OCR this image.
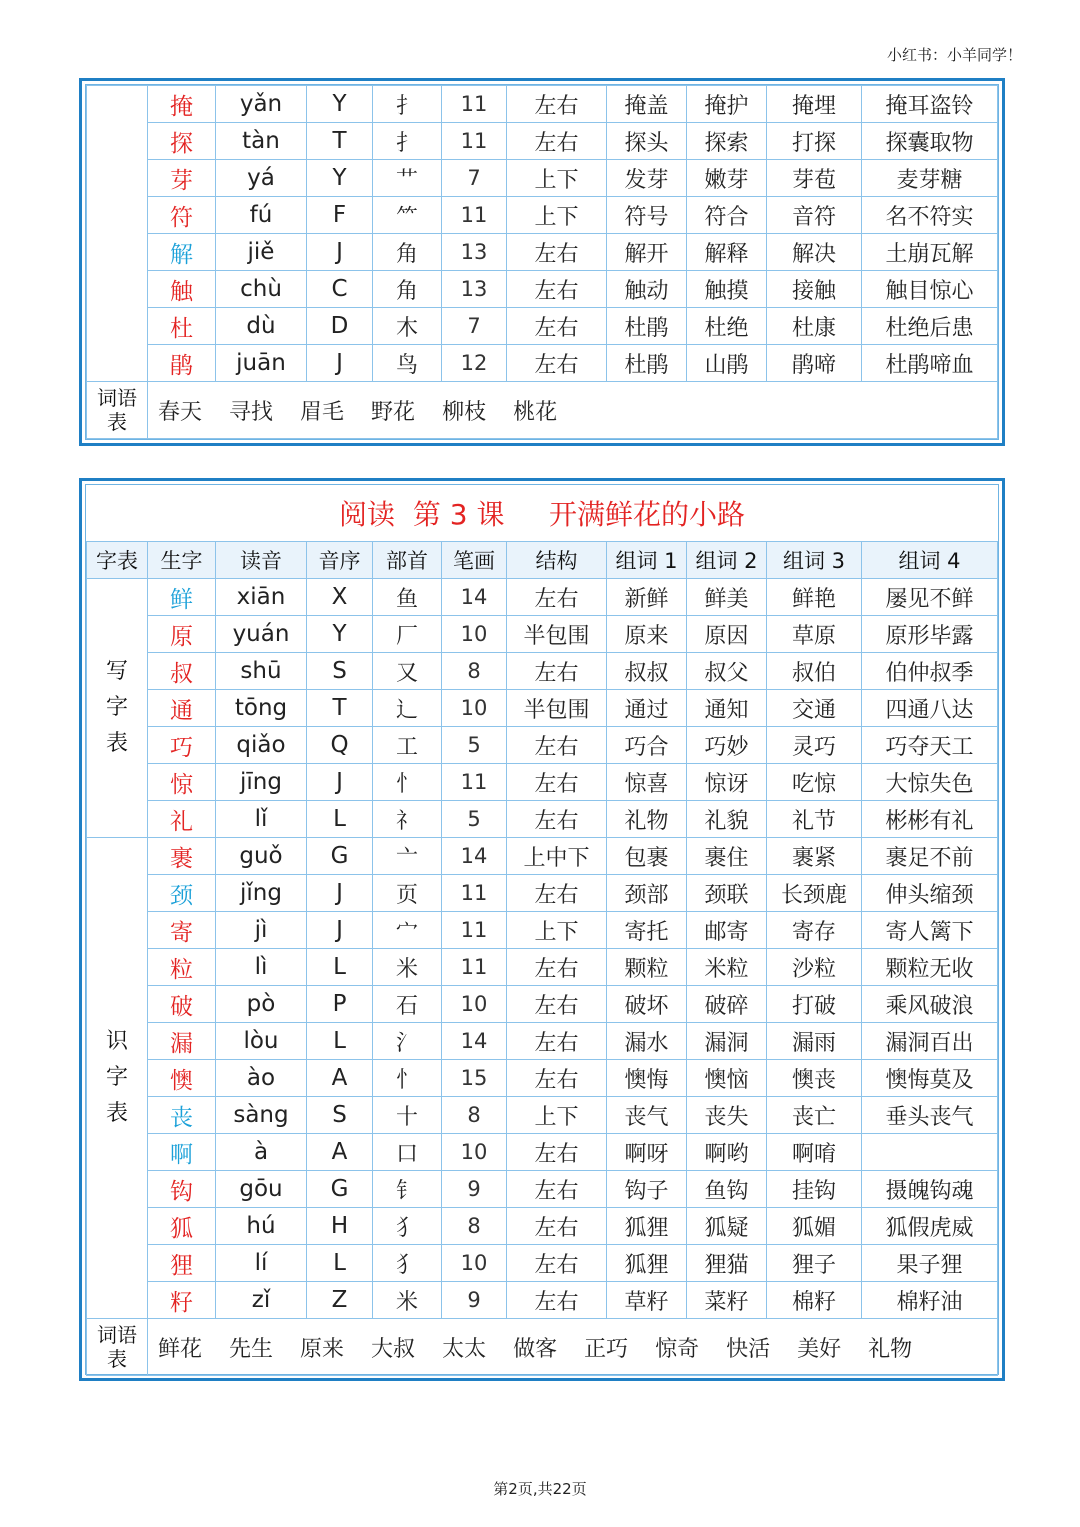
小红书：小羊同学！
	掩	yǎn	Y	扌	11	左右	掩盖	掩护	掩埋	掩耳盗铃
	探	tàn	T	扌	11	左右	探头	探索	打探	探囊取物
	芽	yá	Y	艹	7	上下	发芽	嫩芽	芽苞	麦芽糖
	符	fú	F	⺮	11	上下	符号	符合	音符	名不符实
	解	jiě	J	角	13	左右	解开	解释	解决	土崩瓦解
	触	chù	C	角	13	左右	触动	触摸	接触	触目惊心
	杜	dù	D	木	7	左右	杜鹃	杜绝	杜康	杜绝后患
	鹃	juān	J	鸟	12	左右	杜鹃	山鹃	鹃啼	杜鹃啼血

词语表	春天 寻找 眉毛 野花 柳枝 桃花									
阅读  第 3 课     开满鲜花的小路										
字表	生字	读音	音序	部首	笔画	结构	组词 1	组词 2	组词 3	组词 4

写字表	鲜	xiān	X	鱼	14	左右	新鲜	鲜美	鲜艳	屡见不鲜
	原	yuán	Y	厂	10	半包围	原来	原因	草原	原形毕露
	叔	shū	S	又	8	左右	叔叔	叔父	叔伯	伯仲叔季
	通	tōng	T	辶	10	半包围	通过	通知	交通	四通八达
	巧	qiǎo	Q	工	5	左右	巧合	巧妙	灵巧	巧夺天工
	惊	jīng	J	忄	11	左右	惊喜	惊讶	吃惊	大惊失色
	礼	lǐ	L	礻	5	左右	礼物	礼貌	礼节	彬彬有礼

识字表	裹	guǒ	G	亠	14	上中下	包裹	裹住	裹紧	裹足不前
	颈	jǐng	J	页	11	左右	颈部	颈联	长颈鹿	伸头缩颈
	寄	jì	J	宀	11	上下	寄托	邮寄	寄存	寄人篱下
	粒	lì	L	米	11	左右	颗粒	米粒	沙粒	颗粒无收
	破	pò	P	石	10	左右	破坏	破碎	打破	乘风破浪
	漏	lòu	L	氵	14	左右	漏水	漏洞	漏雨	漏洞百出
	懊	ào	A	忄	15	左右	懊悔	懊恼	懊丧	懊悔莫及
	丧	sàng	S	十	8	上下	丧气	丧失	丧亡	垂头丧气
	啊	à	A	口	10	左右	啊呀	啊哟	啊唷	
	钩	gōu	G	钅	9	左右	钩子	鱼钩	挂钩	摄魄钩魂
	狐	hú	H	犭	8	左右	狐狸	狐疑	狐媚	狐假虎威
	狸	lí	L	犭	10	左右	狐狸	狸猫	狸子	果子狸
	籽	zǐ	Z	米	9	左右	草籽	菜籽	棉籽	棉籽油

词语表	鲜花 先生 原来 大叔 太太 做客 正巧 惊奇 快活 美好 礼物									
第2页,共22页
